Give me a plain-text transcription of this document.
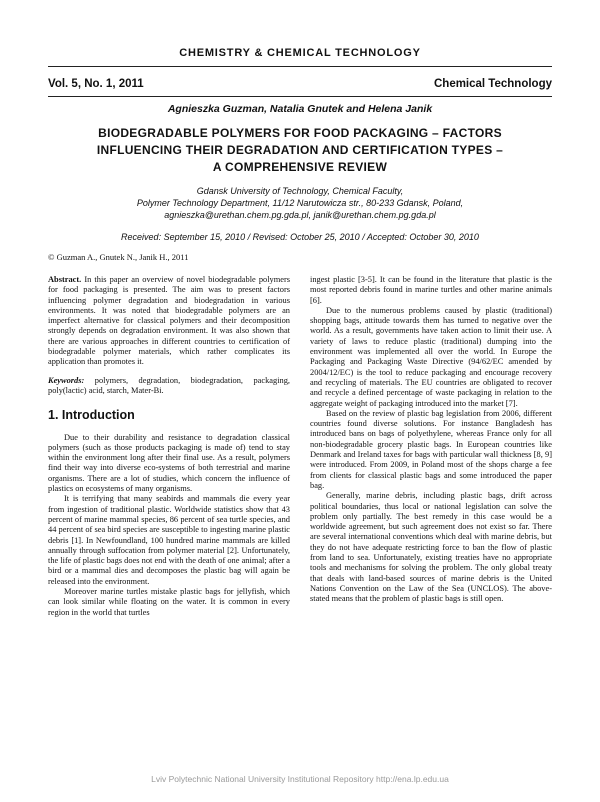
CHEMISTRY & CHEMICAL TECHNOLOGY
Vol. 5, No. 1, 2011	Chemical Technology
Agnieszka Guzman, Natalia Gnutek and Helena Janik
BIODEGRADABLE POLYMERS FOR FOOD PACKAGING – FACTORS
INFLUENCING THEIR DEGRADATION AND CERTIFICATION TYPES –
A COMPREHENSIVE REVIEW
Gdansk University of Technology, Chemical Faculty,
Polymer Technology Department, 11/12 Narutowicza str., 80-233 Gdansk, Poland,
agnieszka@urethan.chem.pg.gda.pl, janik@urethan.chem.pg.gda.pl
Received: September 15, 2010 / Revised: October 25, 2010 / Accepted: October 30, 2010
© Guzman A., Gnutek N., Janik H., 2011

Abstract. In this paper an overview of novel biodegradable polymers for food packaging is presented. The aim was to present factors influencing polymer degradation and biodegradation in various environments. It was noted that biodegradable polymers are an imperfect alternative for classical polymers and their decomposition strongly depends on degradation environment. It was also shown that there are various approaches in different countries to certification of biodegradable polymer materials, which rather complicates its application than promotes it.

Keywords: polymers, degradation, biodegradation, packaging, poly(lactic) acid, starch, Mater-Bi.

1. Introduction

Due to their durability and resistance to degradation classical polymers (such as those products packaging is made of) tend to stay within the environment long after their final use. As a result, polymers find their way into diverse eco-systems of both terrestrial and marine organisms. There are a lot of studies, which concern the influence of plastics on ecosystems of many organisms.

It is terrifying that many seabirds and mammals die every year from ingestion of traditional plastic. Worldwide statistics show that 43 percent of marine mammal species, 86 percent of sea turtle species, and 44 percent of sea bird species are susceptible to ingesting marine plastic debris [1]. In Newfoundland, 100 hundred marine mammals are killed annually through suffocation from polymer material [2]. Unfortunately, the life of plastic bags does not end with the death of one animal; after a bird or a mammal dies and decomposes the plastic bag will again be released into the environment.

Moreover marine turtles mistake plastic bags for jellyfish, which can look similar while floating on the water. It is common in every region in the world that turtles

ingest plastic [3-5]. It can be found in the literature that plastic is the most reported debris found in marine turtles and other marine animals [6].

Due to the numerous problems caused by plastic (traditional) shopping bags, attitude towards them has turned to negative over the world. As a result, governments have taken action to limit their use. A variety of laws to reduce plastic (traditional) dumping into the environment was implemented all over the world. In Europe the Packaging and Packaging Waste Directive (94/62/EC amended by 2004/12/EC) is the tool to reduce packaging and encourage recovery and recycling of materials. The EU countries are obligated to recover and recycle a defined percentage of waste packaging in relation to the aggregate weight of packaging introduced into the market [7].

Based on the review of plastic bag legislation from 2006, different countries found diverse solutions. For instance Bangladesh has introduced bans on bags of polyethylene, whereas France only for all non-biodegradable grocery plastic bags. In European countries like Denmark and Ireland taxes for bags with particular wall thickness [8, 9] were introduced. From 2009, in Poland most of the shops charge a fee from clients for classical plastic bags and some introduced the paper bag.

Generally, marine debris, including plastic bags, drift across political boundaries, thus local or national legislation can solve the problem only partially. The best remedy in this case would be a worldwide agreement, but such agreement does not exist so far. There are several international conventions which deal with marine debris, but they do not have adequate restricting force to ban the flow of plastic from land to sea. Unfortunately, existing treaties have no appropriate tools and mechanisms for solving the problem. The only global treaty that deals with land-based sources of marine debris is the United Nations Convention on the Law of the Sea (UNCLOS). The above-stated means that the problem of plastic bags is still open.

Lviv Polytechnic National University Institutional Repository http://ena.lp.edu.ua
